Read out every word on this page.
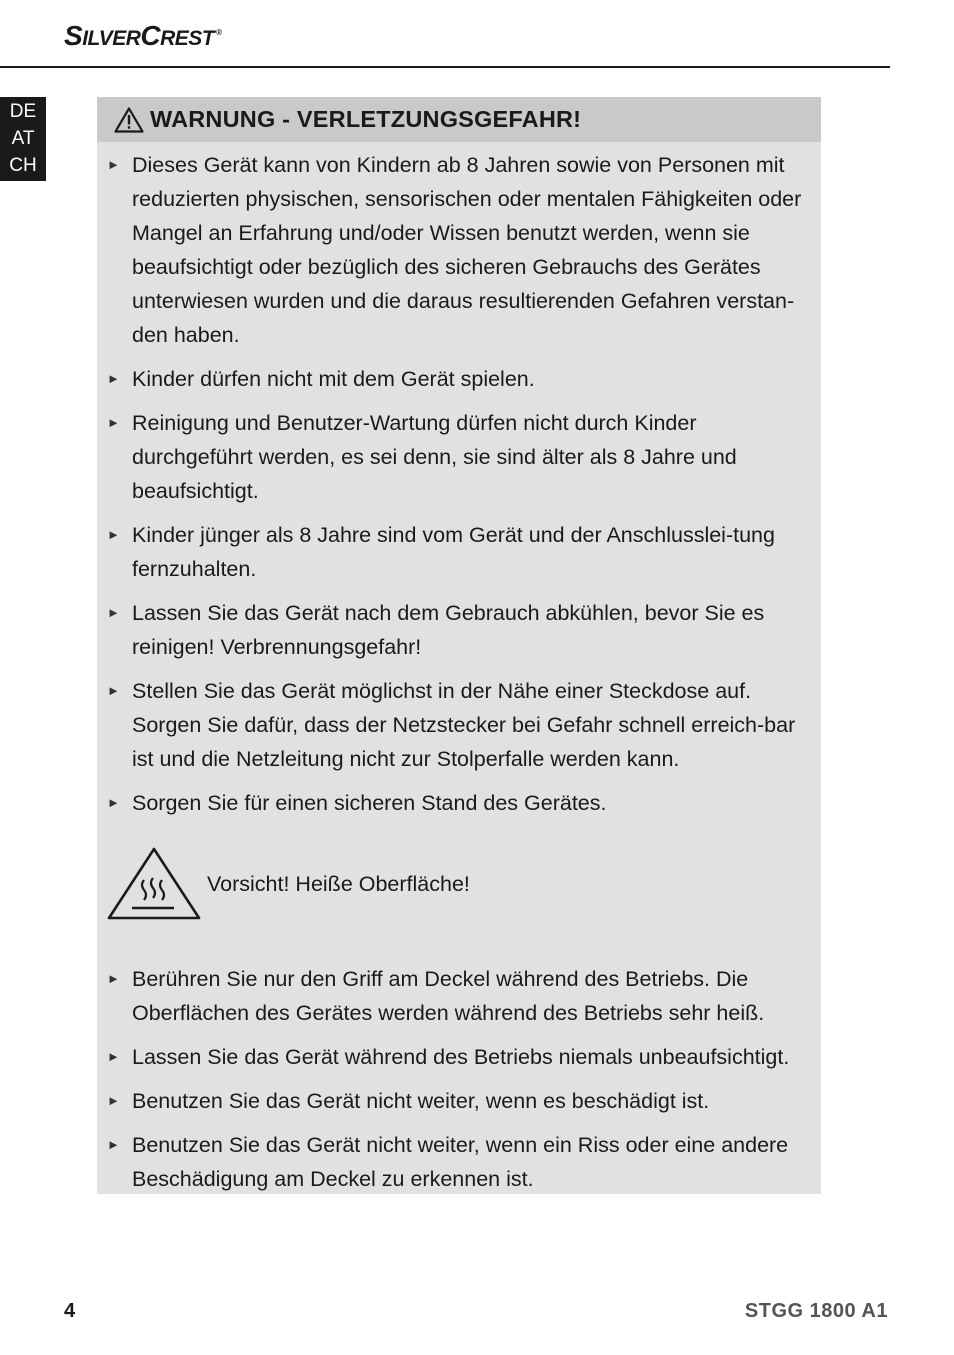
SILVERCREST ®
DE
AT
CH
WARNUNG - VERLETZUNGSGEFAHR!
► Dieses Gerät kann von Kindern ab 8 Jahren sowie von Personen mit reduzierten physischen, sensorischen oder mentalen Fähigkeiten oder Mangel an Erfahrung und/oder Wissen benutzt werden, wenn sie beaufsichtigt oder bezüglich des sicheren Gebrauchs des Gerätes unterwiesen wurden und die daraus resultierenden Gefahren verstan-den haben.
► Kinder dürfen nicht mit dem Gerät spielen.
► Reinigung und Benutzer-Wartung dürfen nicht durch Kinder durchgeführt werden, es sei denn, sie sind älter als 8 Jahre und beaufsichtigt.
► Kinder jünger als 8 Jahre sind vom Gerät und der Anschlusslei-tung fernzuhalten.
► Lassen Sie das Gerät nach dem Gebrauch abkühlen, bevor Sie es reinigen! Verbrennungsgefahr!
► Stellen Sie das Gerät möglichst in der Nähe einer Steckdose auf. Sorgen Sie dafür, dass der Netzstecker bei Gefahr schnell erreich-bar ist und die Netzleitung nicht zur Stolperfalle werden kann.
► Sorgen Sie für einen sicheren Stand des Gerätes.
Vorsicht! Heiße Oberfläche!
► Berühren Sie nur den Griff am Deckel während des Betriebs. Die Oberflächen des Gerätes werden während des Betriebs sehr heiß.
► Lassen Sie das Gerät während des Betriebs niemals unbeaufsichtigt.
► Benutzen Sie das Gerät nicht weiter, wenn es beschädigt ist.
► Benutzen Sie das Gerät nicht weiter, wenn ein Riss oder eine andere Beschädigung am Deckel zu erkennen ist.
4	STGG 1800 A1
